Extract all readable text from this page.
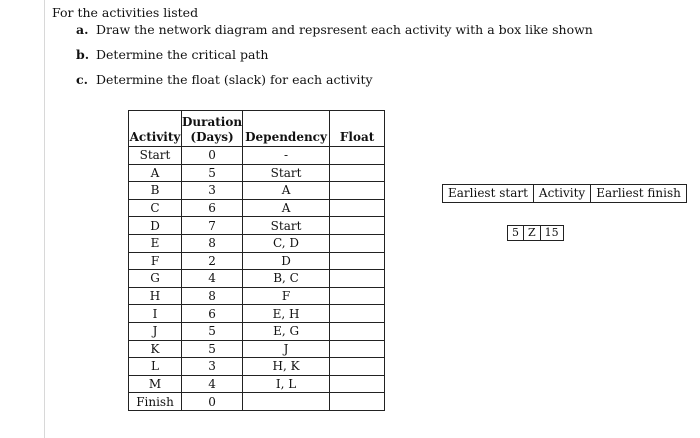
For the activities listed
a. Draw the network diagram and repsresent each activity with a box like shown
b. Determine the critical path
c. Determine the float (slack) for each activity
Activity	Duration
(Days)	Dependency	Float
Start	0	-	
A	5	Start	
B	3	A	
C	6	A	
D	7	Start	
E	8	C, D	
F	2	D	
G	4	B, C	
H	8	F	
I	6	E, H	
J	5	E, G	
K	5	J	
L	3	H, K	
M	4	I, L	
Finish	0		
Earliest start Activity Earliest finish
5 Z 15
